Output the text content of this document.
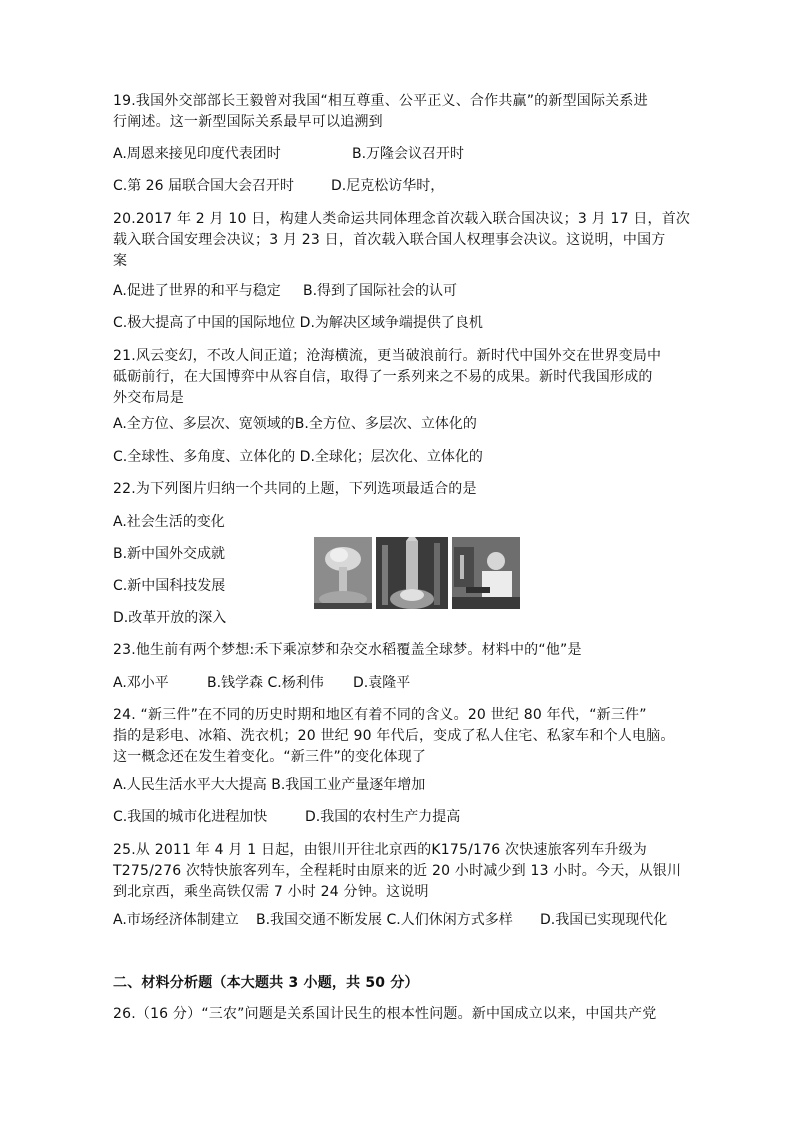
19.我国外交部部长王毅曾对我国“相互尊重、公平正义、合作共赢”的新型国际关系进
行阐述。这一新型国际关系最早可以追溯到
A.周恩来接见印度代表团时	B.万隆会议召开时
C.第 26 届联合国大会召开时	D.尼克松访华时，
20.2017 年 2 月 10 日，构建人类命运共同体理念首次载入联合国决议；3 月 17 日，首次
载入联合国安理会决议；3 月 23 日，首次载入联合国人权理事会决议。这说明，中国方
案
A.促进了世界的和平与稳定 B.得到了国际社会的认可
C.极大提高了中国的国际地位 D.为解决区域争端提供了良机
21.风云变幻，不改人间正道；沧海横流，更当破浪前行。新时代中国外交在世界变局中
砥砺前行，在大国博弈中从容自信，取得了一系列来之不易的成果。新时代我国形成的
外交布局是
A.全方位、多层次、宽领域的B.全方位、多层次、立体化的
C.全球性、多角度、立体化的 D.全球化；层次化、立体化的
22.为下列图片归纳一个共同的上题，下列选项最适合的是
A.社会生活的变化
B.新中国外交成就
C.新中国科技发展
D.改革开放的深入
23.他生前有两个梦想:禾下乘凉梦和杂交水稻覆盖全球梦。材料中的“他”是
A.邓小平	B.钱学森 C.杨利伟 D.袁隆平
24. “新三件”在不同的历史时期和地区有着不同的含义。20 世纪 80 年代，“新三件”
指的是彩电、冰箱、洗衣机；20 世纪 90 年代后，变成了私人住宅、私家车和个人电脑。
这一概念还在发生着变化。“新三件”的变化体现了
A.人民生活水平大大提高 B.我国工业产量逐年增加
C.我国的城市化进程加快	D.我国的农村生产力提高
25.从 2011 年 4 月 1 日起，由银川开往北京西的K175/176 次快速旅客列车升级为
T275/276 次特快旅客列车，全程耗时由原来的近 20 小时减少到 13 小时。今天，从银川
到北京西，乘坐高铁仅需 7 小时 24 分钟。这说明
A.市场经济体制建立 B.我国交通不断发展 C.人们休闲方式多样 D.我国已实现现代化
二、材料分析题（本大题共 3 小题，共 50 分）
26.（16 分）“三农”问题是关系国计民生的根本性问题。新中国成立以来，中国共产党
